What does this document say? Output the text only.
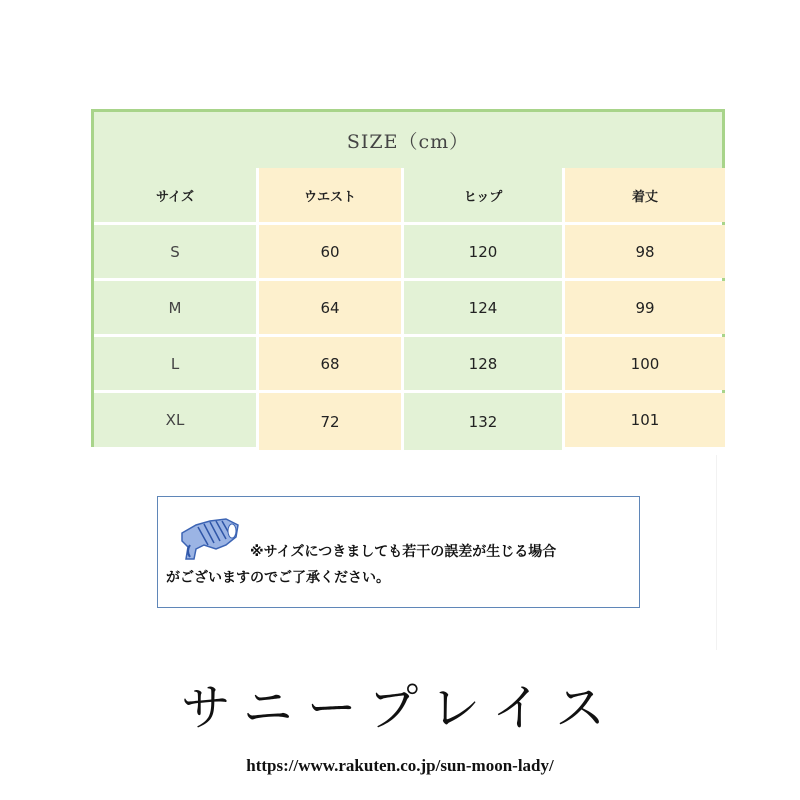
SIZE（cm）
サイズ	ウエスト	ヒップ	着丈
S	60	120	98
M	64	124	99
L	68	128	100
XL	72	132	101
※サイズにつきましても若干の誤差が生じる場合
がございますのでご了承ください。
サニープレイス
https://www.rakuten.co.jp/sun-moon-lady/
